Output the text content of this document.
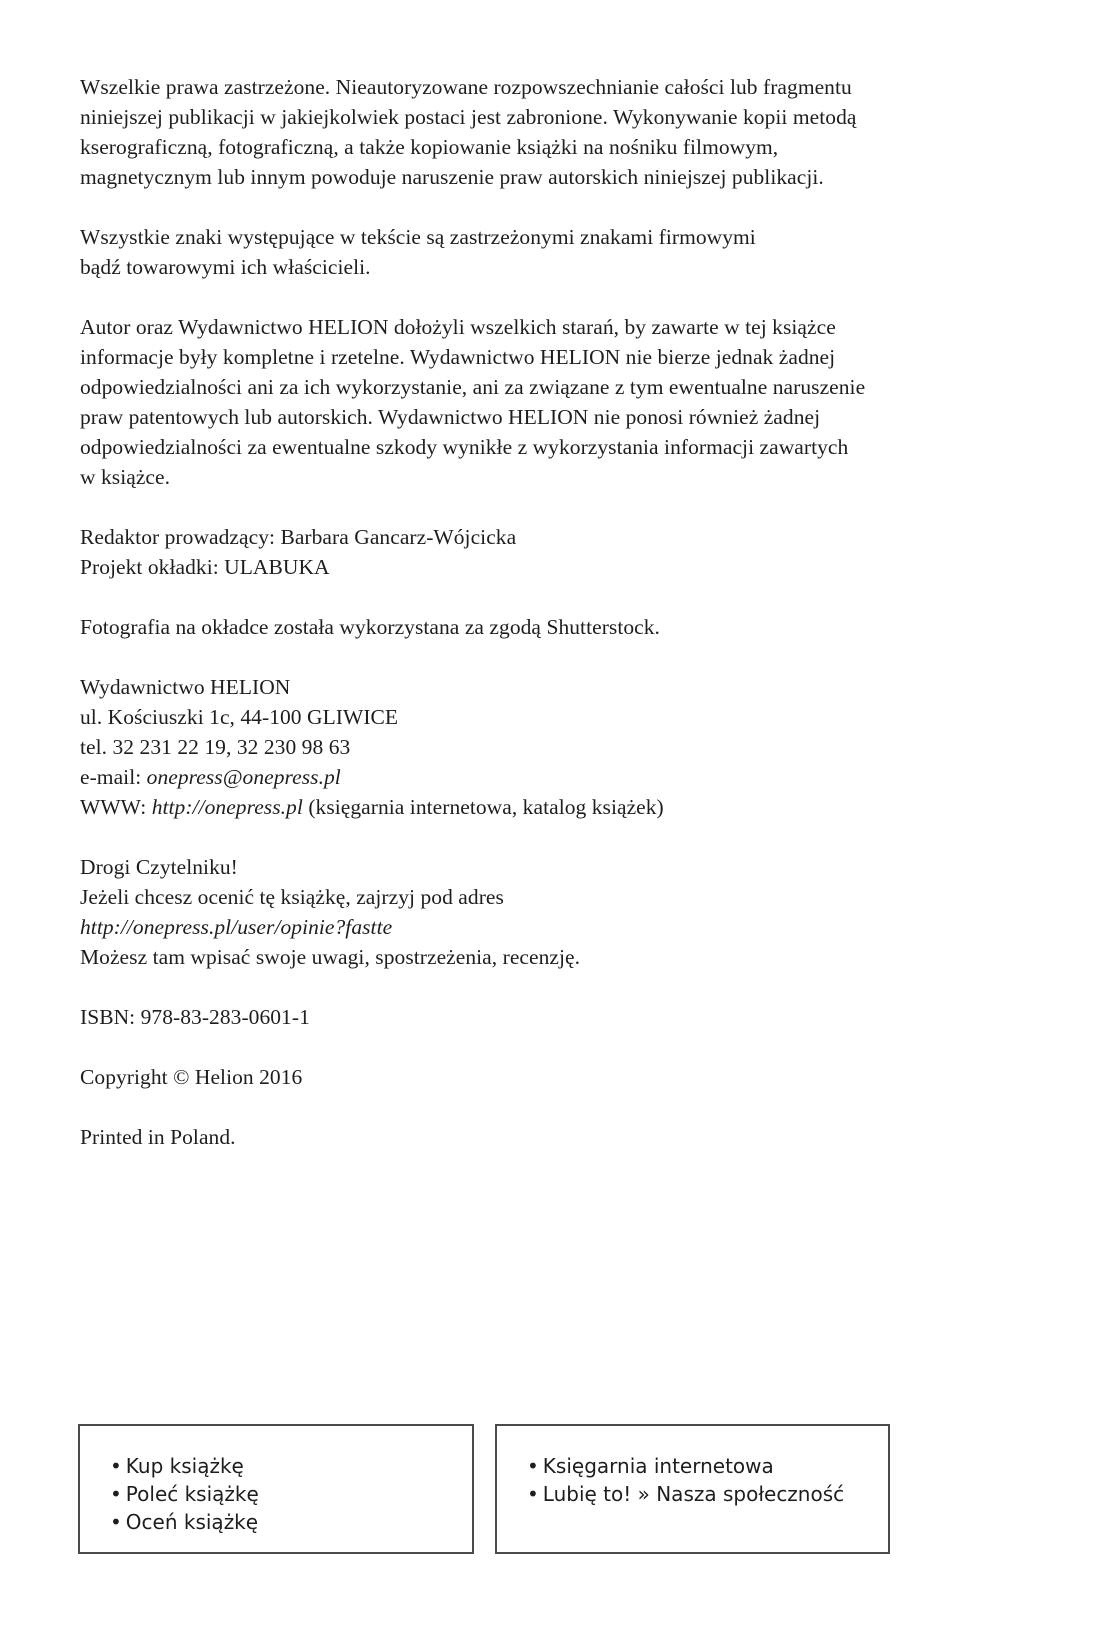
Wszelkie prawa zastrzeżone. Nieautoryzowane rozpowszechnianie całości lub fragmentu
niniejszej publikacji w jakiejkolwiek postaci jest zabronione. Wykonywanie kopii metodą
kserograficzną, fotograficzną, a także kopiowanie książki na nośniku filmowym,
magnetycznym lub innym powoduje naruszenie praw autorskich niniejszej publikacji.

Wszystkie znaki występujące w tekście są zastrzeżonymi znakami firmowymi
bądź towarowymi ich właścicieli.

Autor oraz Wydawnictwo HELION dołożyli wszelkich starań, by zawarte w tej książce
informacje były kompletne i rzetelne. Wydawnictwo HELION nie bierze jednak żadnej
odpowiedzialności ani za ich wykorzystanie, ani za związane z tym ewentualne naruszenie
praw patentowych lub autorskich. Wydawnictwo HELION nie ponosi również żadnej
odpowiedzialności za ewentualne szkody wynikłe z wykorzystania informacji zawartych
w książce.

Redaktor prowadzący: Barbara Gancarz-Wójcicka
Projekt okładki: ULABUKA

Fotografia na okładce została wykorzystana za zgodą Shutterstock.

Wydawnictwo HELION
ul. Kościuszki 1c, 44-100 GLIWICE
tel. 32 231 22 19, 32 230 98 63
e-mail: onepress@onepress.pl
WWW: http://onepress.pl (księgarnia internetowa, katalog książek)

Drogi Czytelniku!
Jeżeli chcesz ocenić tę książkę, zajrzyj pod adres
http://onepress.pl/user/opinie?fastte
Możesz tam wpisać swoje uwagi, spostrzeżenia, recenzję.

ISBN: 978-83-283-0601-1

Copyright © Helion 2016

Printed in Poland.

• Kup książkę
• Poleć książkę
• Oceń książkę
• Księgarnia internetowa
• Lubię to! » Nasza społeczność
